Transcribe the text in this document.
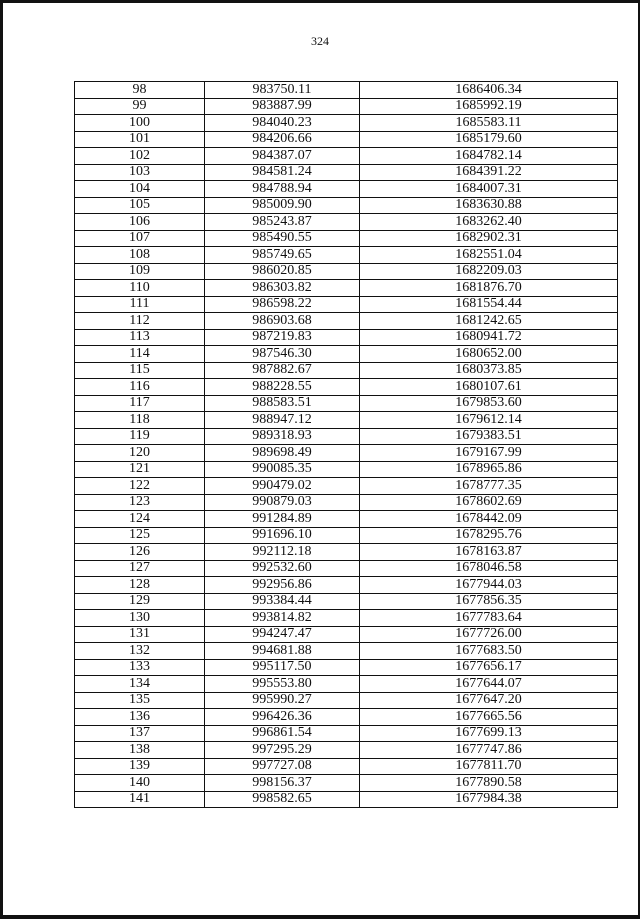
324
98	983750.11	1686406.34
99	983887.99	1685992.19
100	984040.23	1685583.11
101	984206.66	1685179.60
102	984387.07	1684782.14
103	984581.24	1684391.22
104	984788.94	1684007.31
105	985009.90	1683630.88
106	985243.87	1683262.40
107	985490.55	1682902.31
108	985749.65	1682551.04
109	986020.85	1682209.03
110	986303.82	1681876.70
111	986598.22	1681554.44
112	986903.68	1681242.65
113	987219.83	1680941.72
114	987546.30	1680652.00
115	987882.67	1680373.85
116	988228.55	1680107.61
117	988583.51	1679853.60
118	988947.12	1679612.14
119	989318.93	1679383.51
120	989698.49	1679167.99
121	990085.35	1678965.86
122	990479.02	1678777.35
123	990879.03	1678602.69
124	991284.89	1678442.09
125	991696.10	1678295.76
126	992112.18	1678163.87
127	992532.60	1678046.58
128	992956.86	1677944.03
129	993384.44	1677856.35
130	993814.82	1677783.64
131	994247.47	1677726.00
132	994681.88	1677683.50
133	995117.50	1677656.17
134	995553.80	1677644.07
135	995990.27	1677647.20
136	996426.36	1677665.56
137	996861.54	1677699.13
138	997295.29	1677747.86
139	997727.08	1677811.70
140	998156.37	1677890.58
141	998582.65	1677984.38
